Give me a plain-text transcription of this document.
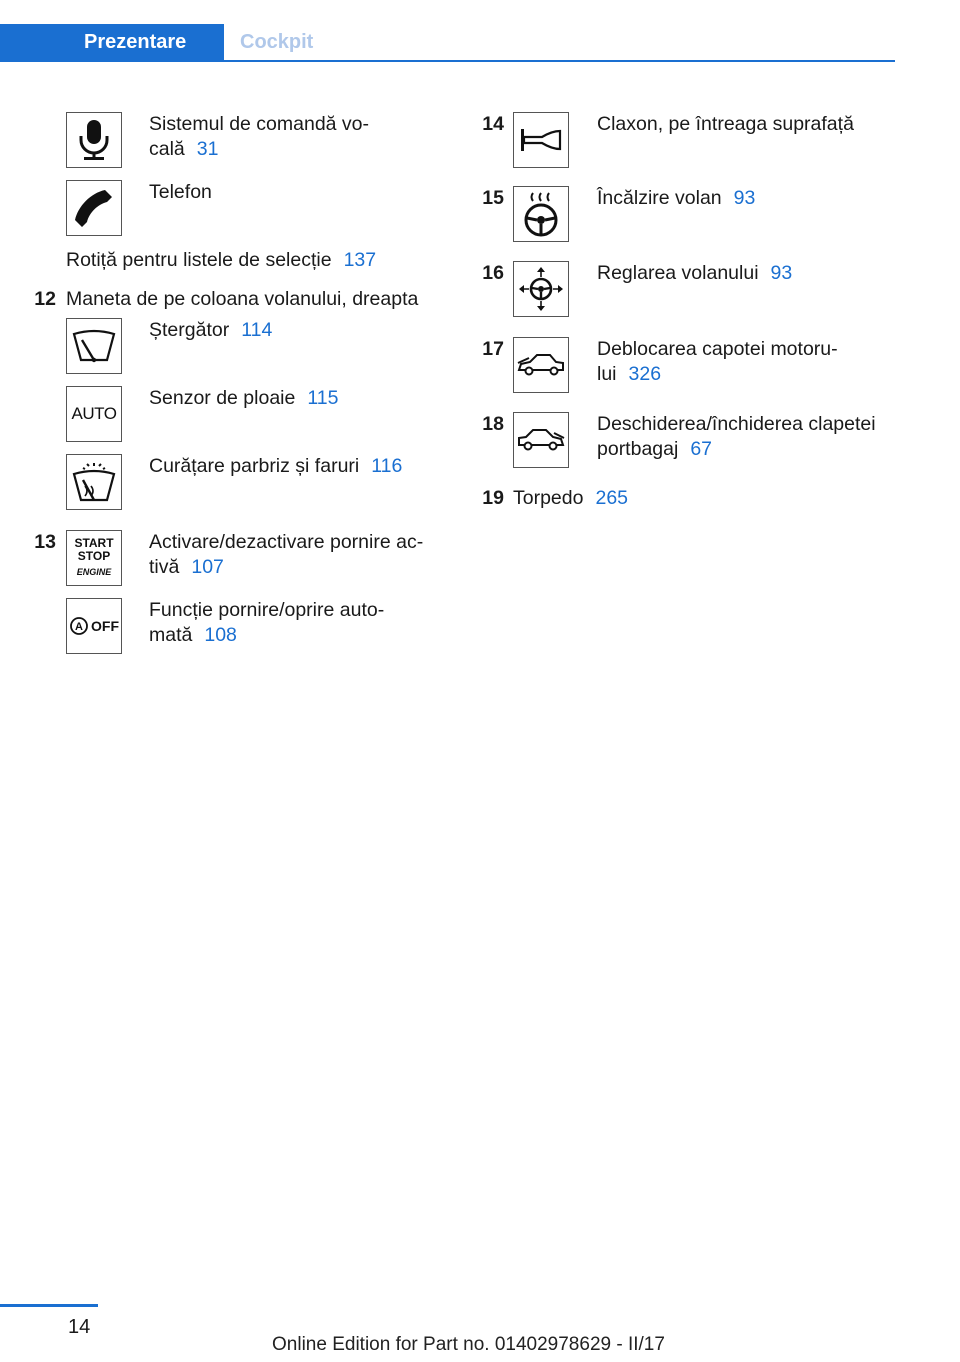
Prezentare	Cockpit
Sistemul de comandă vo-
cală 31
Telefon
Rotiță pentru listele de selecție 137
12 Maneta de pe coloana volanului, dreapta
Ștergător 114
AUTO
Senzor de ploaie 115
Curățare parbriz și faruri 116
13 START
STOP
ENGINE
Activare/dezactivare pornire ac-
tivă 107
A OFF
Funcție pornire/oprire auto-
mată 108
14	Claxon, pe întreaga suprafață
15	Încălzire volan 93
16	Reglarea volanului 93
17	Deblocarea capotei motoru-
lui 326
18	Deschiderea/închiderea clapetei
portbagaj 67
19 Torpedo 265
14
Online Edition for Part no. 01402978629 - II/17
